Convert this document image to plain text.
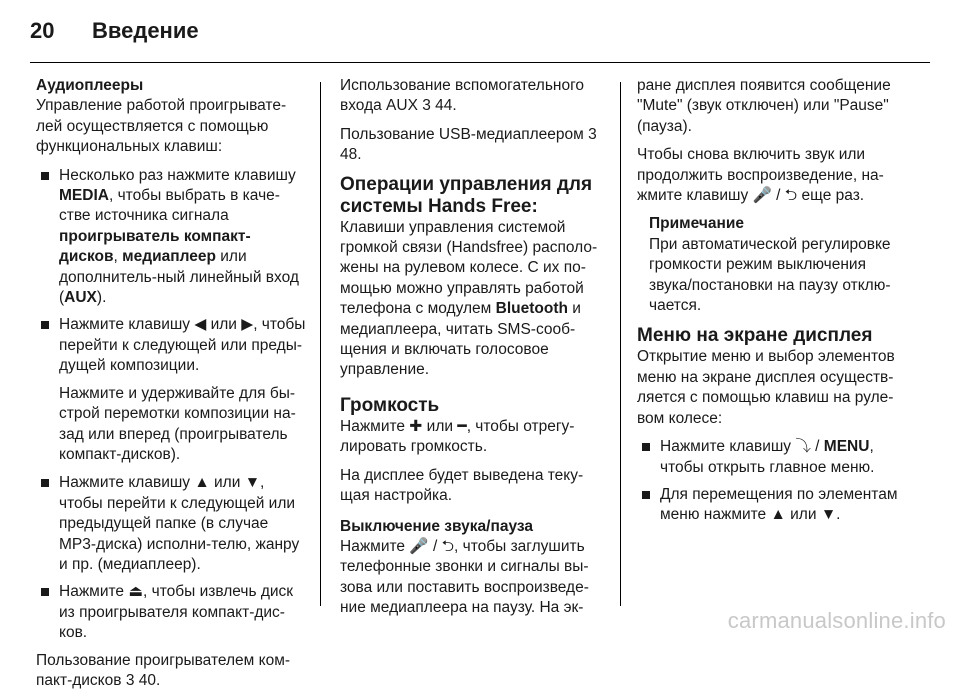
20	Введение
Аудиоплееры

Управление работой проигрывате-лей осуществляется с помощью функциональных клавиш:

Несколько раз нажмите клавишу MEDIA, чтобы выбрать в каче-стве источника сигнала проигрыватель компакт-дисков, медиаплеер или дополнитель-ный линейный вход (AUX).
Нажмите клавишу ◀ или ▶, чтобы перейти к следующей или преды-дущей композиции.

Нажмите и удерживайте для бы-строй перемотки композиции на-зад или вперед (проигрыватель компакт-дисков).

Нажмите клавишу ▲ или ▼, чтобы перейти к следующей или предыдущей папке (в случае MP3-диска) исполни-телю, жанру и пр. (медиаплеер).
Нажмите ⏏, чтобы извлечь диск из проигрывателя компакт-дис-ков.

Пользование проигрывателем ком-пакт-дисков 3 40.

Использование вспомогательного входа AUX 3 44.

Пользование USB-медиаплеером 3 48.

Операции управления для системы Hands Free:

Клавиши управления системой громкой связи (Handsfree) располо-жены на рулевом колесе. С их по-мощью можно управлять работой телефона с модулем Bluetooth и медиаплеера, читать SMS-сооб-щения и включать голосовое управление.

Громкость

Нажмите ✚ или ━, чтобы отрегу-лировать громкость.

На дисплее будет выведена теку-щая настройка.

Выключение звука/пауза

Нажмите 🎤 / ⮌, чтобы заглушить телефонные звонки и сигналы вы-зова или поставить воспроизведе-ние медиаплеера на паузу. На эк-

ране дисплея появится сообщение "Mute" (звук отключен) или "Pause" (пауза).

Чтобы снова включить звук или продолжить воспроизведение, на-жмите клавишу 🎤 / ⮌ еще раз.

Примечание
При автоматической регулировке громкости режим выключения звука/постановки на паузу отклю-чается.
Меню на экране дисплея

Открытие меню и выбор элементов меню на экране дисплея осуществ-ляется с помощью клавиш на руле-вом колесе:

Нажмите клавишу ⤵ / MENU, чтобы открыть главное меню.
Для перемещения по элементам меню нажмите ▲ или ▼.
carmanualsonline.info
